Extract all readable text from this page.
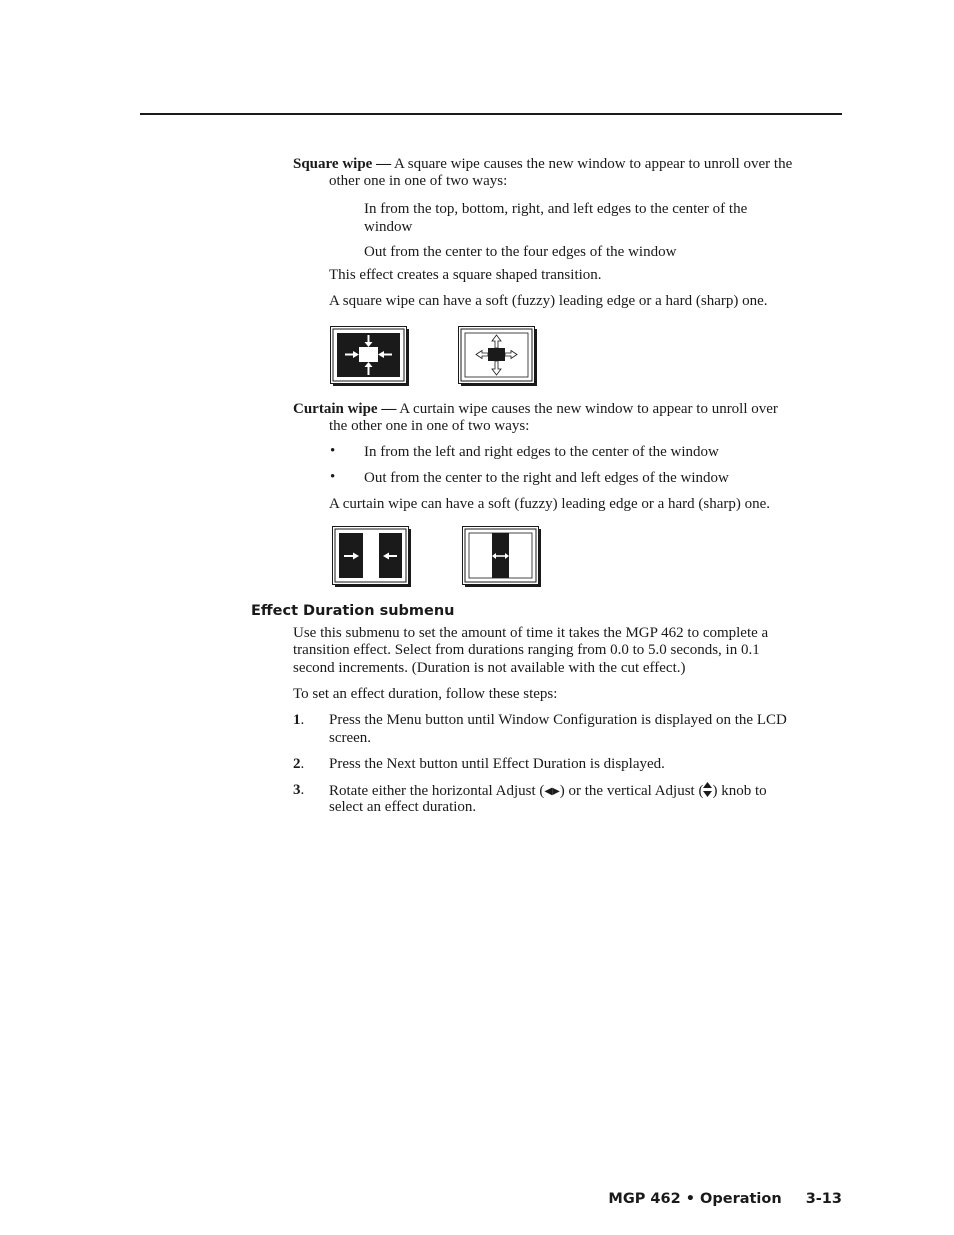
Square wipe — A square wipe causes the new window to appear to unroll over the
other one in one of two ways:
In from the top, bottom, right, and left edges to the center of the
window
Out from the center to the four edges of the window
This effect creates a square shaped transition.
A square wipe can have a soft (fuzzy) leading edge or a hard (sharp) one.
Curtain wipe — A curtain wipe causes the new window to appear to unroll over
the other one in one of two ways:
• In from the left and right edges to the center of the window
• Out from the center to the right and left edges of the window
A curtain wipe can have a soft (fuzzy) leading edge or a hard (sharp) one.
Effect Duration submenu
Use this submenu to set the amount of time it takes the MGP 462 to complete a
transition effect. Select from durations ranging from 0.0 to 5.0 seconds, in 0.1
second increments. (Duration is not available with the cut effect.)
To set an effect duration, follow these steps:
1. Press the Menu button until Window Configuration is displayed on the LCD
screen.
2. Press the Next button until Effect Duration is displayed.
3. Rotate either the horizontal Adjust (◀▶) or the vertical Adjust ( ) knob to
select an effect duration.
MGP 462 • Operation 3-13
